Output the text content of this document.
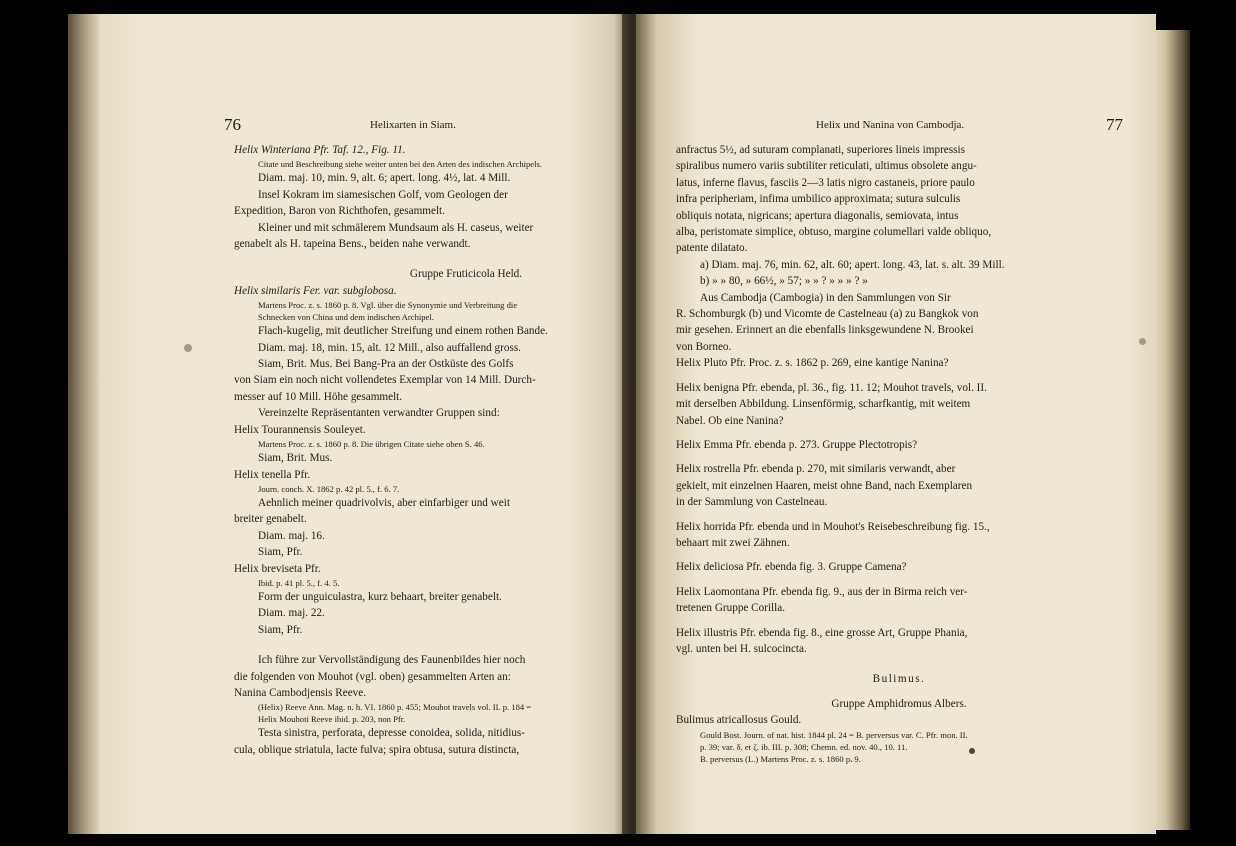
76	Helixarten in Siam.

Helix Winteriana Pfr. Taf. 12., Fig. 11.

Citate und Beschreibung siehe weiter unten bei den Arten des indischen Archipels.

Diam. maj. 10, min. 9, alt. 6; apert. long. 4½, lat. 4 Mill.

Insel Kokram im siamesischen Golf, vom Geologen der

Expedition, Baron von Richthofen, gesammelt.

Kleiner und mit schmälerem Mundsaum als H. caseus, weiter

genabelt als H. tapeina Bens., beiden nahe verwandt.

Gruppe Fruticicola Held.

Helix similaris Fer. var. subglobosa.

Martens Proc. z. s. 1860 p. 8. Vgl. über die Synonymie und Verbreitung die

Schnecken von China und dem indischen Archipel.

Flach-kugelig, mit deutlicher Streifung und einem rothen Bande.

Diam. maj. 18, min. 15, alt. 12 Mill., also auffallend gross.

Siam, Brit. Mus. Bei Bang-Pra an der Ostküste des Golfs

von Siam ein noch nicht vollendetes Exemplar von 14 Mill. Durch-

messer auf 10 Mill. Höhe gesammelt.

Vereinzelte Repräsentanten verwandter Gruppen sind:

Helix Tourannensis Souleyet.

Martens Proc. z. s. 1860 p. 8. Die übrigen Citate siehe oben S. 46.

Siam, Brit. Mus.

Helix tenella Pfr.

Journ. conch. X. 1862 p. 42 pl. 5., f. 6. 7.

Aehnlich meiner quadrivolvis, aber einfarbiger und weit

breiter genabelt.

Diam. maj. 16.

Siam, Pfr.

Helix breviseta Pfr.

Ibid. p. 41 pl. 5., f. 4. 5.

Form der unguiculastra, kurz behaart, breiter genabelt.

Diam. maj. 22.

Siam, Pfr.

Ich führe zur Vervollständigung des Faunenbildes hier noch

die folgenden von Mouhot (vgl. oben) gesammelten Arten an:

Nanina Cambodjensis Reeve.

(Helix) Reeve Ann. Mag. n. h. VI. 1860 p. 455; Mouhot travels vol. II. p. 184 =

Helix Mouhoti Reeve ibid. p. 203, non Pfr.

Testa sinistra, perforata, depresse conoidea, solida, nitidius-

cula, oblique striatula, lacte fulva; spira obtusa, sutura distincta,

Helix und Nanina von Cambodja.	77

anfractus 5½, ad suturam complanati, superiores lineis impressis

spiralibus numero variis subtiliter reticulati, ultimus obsolete angu-

latus, inferne flavus, fasciis 2—3 latis nigro castaneis, priore paulo

infra peripheriam, infima umbilico approximata; sutura sulculis

obliquis notata, nigricans; apertura diagonalis, semiovata, intus

alba, peristomate simplice, obtuso, margine columellari valde obliquo,

patente dilatato.

a) Diam. maj. 76, min. 62, alt. 60; apert. long. 43, lat. s. alt. 39 Mill.

b) » » 80, » 66½, » 57; » » ? » » » ? »

Aus Cambodja (Cambogia) in den Sammlungen von Sir

R. Schomburgk (b) und Vicomte de Castelneau (a) zu Bangkok von

mir gesehen. Erinnert an die ebenfalls linksgewundene N. Brookei

von Borneo.

Helix Pluto Pfr. Proc. z. s. 1862 p. 269, eine kantige Nanina?

Helix benigna Pfr. ebenda, pl. 36., fig. 11. 12; Mouhot travels, vol. II.

mit derselben Abbildung. Linsenförmig, scharfkantig, mit weitem

Nabel. Ob eine Nanina?

Helix Emma Pfr. ebenda p. 273. Gruppe Plectotropis?

Helix rostrella Pfr. ebenda p. 270, mit similaris verwandt, aber

gekielt, mit einzelnen Haaren, meist ohne Band, nach Exemplaren

in der Sammlung von Castelneau.

Helix horrida Pfr. ebenda und in Mouhot's Reisebeschreibung fig. 15.,

behaart mit zwei Zähnen.

Helix deliciosa Pfr. ebenda fig. 3. Gruppe Camena?

Helix Laomontana Pfr. ebenda fig. 9., aus der in Birma reich ver-

tretenen Gruppe Corilla.

Helix illustris Pfr. ebenda fig. 8., eine grosse Art, Gruppe Phania,

vgl. unten bei H. sulcocincta.

Bulimus.

Gruppe Amphidromus Albers.

Bulimus atricallosus Gould.

Gould Bost. Journ. of nat. hist. 1844 pl. 24 = B. perversus var. C. Pfr. mon. II.

p. 39; var. δ. et ζ. ib. III. p. 308; Chemn. ed. nov. 40., 10. 11.

B. perversus (L.) Martens Proc. z. s. 1860 p. 9.
